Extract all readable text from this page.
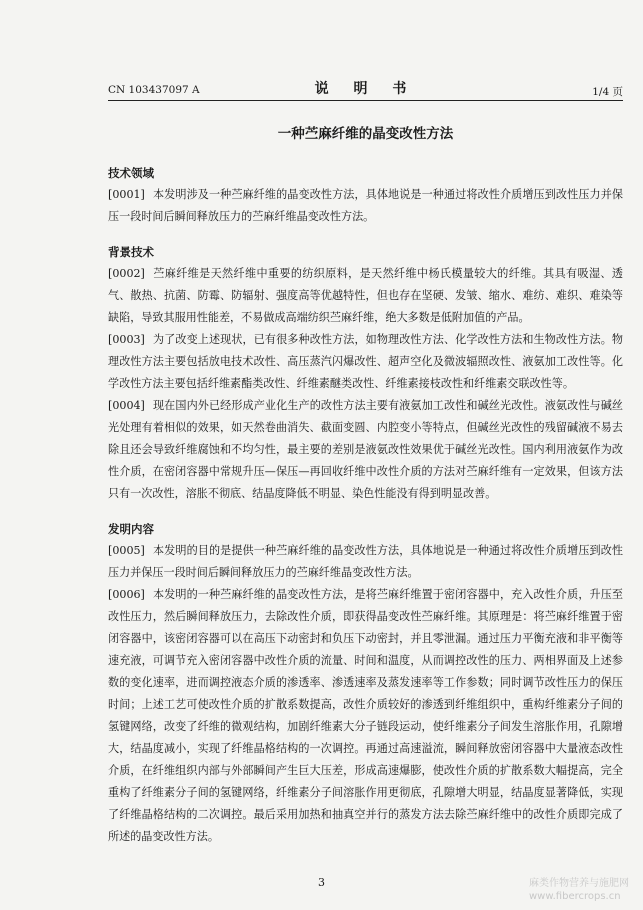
CN 103437097 A	说 明 书	1/4 页
一种苎麻纤维的晶变改性方法
技术领域
[0001] 本发明涉及一种苎麻纤维的晶变改性方法，具体地说是一种通过将改性介质增压到改性压力并保压一段时间后瞬间释放压力的苎麻纤维晶变改性方法。
背景技术
[0002] 苎麻纤维是天然纤维中重要的纺织原料，是天然纤维中杨氏模量较大的纤维。其具有吸湿、透气、散热、抗菌、防霉、防辐射、强度高等优越特性，但也存在坚硬、发皱、缩水、难纺、难织、难染等缺陷，导致其服用性能差，不易做成高端纺织苎麻纤维，绝大多数是低附加值的产品。
[0003] 为了改变上述现状，已有很多种改性方法，如物理改性方法、化学改性方法和生物改性方法。物理改性方法主要包括放电技术改性、高压蒸汽闪爆改性、超声空化及微波辐照改性、液氨加工改性等。化学改性方法主要包括纤维素酯类改性、纤维素醚类改性、纤维素接枝改性和纤维素交联改性等。
[0004] 现在国内外已经形成产业化生产的改性方法主要有液氨加工改性和碱丝光改性。液氨改性与碱丝光处理有着相似的效果，如天然卷曲消失、截面变圆、内腔变小等特点，但碱丝光改性的残留碱液不易去除且还会导致纤维腐蚀和不均匀性，最主要的差别是液氨改性效果优于碱丝光改性。国内利用液氨作为改性介质，在密闭容器中常规升压—保压—再回收纤维中改性介质的方法对苎麻纤维有一定效果，但该方法只有一次改性，溶胀不彻底、结晶度降低不明显、染色性能没有得到明显改善。
发明内容
[0005] 本发明的目的是提供一种苎麻纤维的晶变改性方法，具体地说是一种通过将改性介质增压到改性压力并保压一段时间后瞬间释放压力的苎麻纤维晶变改性方法。
[0006] 本发明的一种苎麻纤维的晶变改性方法，是将苎麻纤维置于密闭容器中，充入改性介质，升压至改性压力，然后瞬间释放压力，去除改性介质，即获得晶变改性苎麻纤维。其原理是：将苎麻纤维置于密闭容器中，该密闭容器可以在高压下动密封和负压下动密封，并且零泄漏。通过压力平衡充液和非平衡等速充液，可调节充入密闭容器中改性介质的流量、时间和温度，从而调控改性的压力、两相界面及上述参数的变化速率，进而调控液态介质的渗透率、渗透速率及蒸发速率等工作参数；同时调节改性压力的保压时间；上述工艺可使改性介质的扩散系数提高，改性介质较好的渗透到纤维组织中，重构纤维素分子间的氢键网络，改变了纤维的微观结构，加剧纤维素大分子链段运动，使纤维素分子间发生溶胀作用，孔隙增大，结晶度减小，实现了纤维晶格结构的一次调控。再通过高速溢流，瞬间释放密闭容器中大量液态改性介质，在纤维组织内部与外部瞬间产生巨大压差，形成高速爆膨，使改性介质的扩散系数大幅提高，完全重构了纤维素分子间的氢键网络，纤维素分子间溶胀作用更彻底，孔隙增大明显，结晶度显著降低，实现了纤维晶格结构的二次调控。最后采用加热和抽真空并行的蒸发方法去除苎麻纤维中的改性介质即完成了所述的晶变改性方法。
3	麻类作物营养与施肥网
www.fibercrops.cn
